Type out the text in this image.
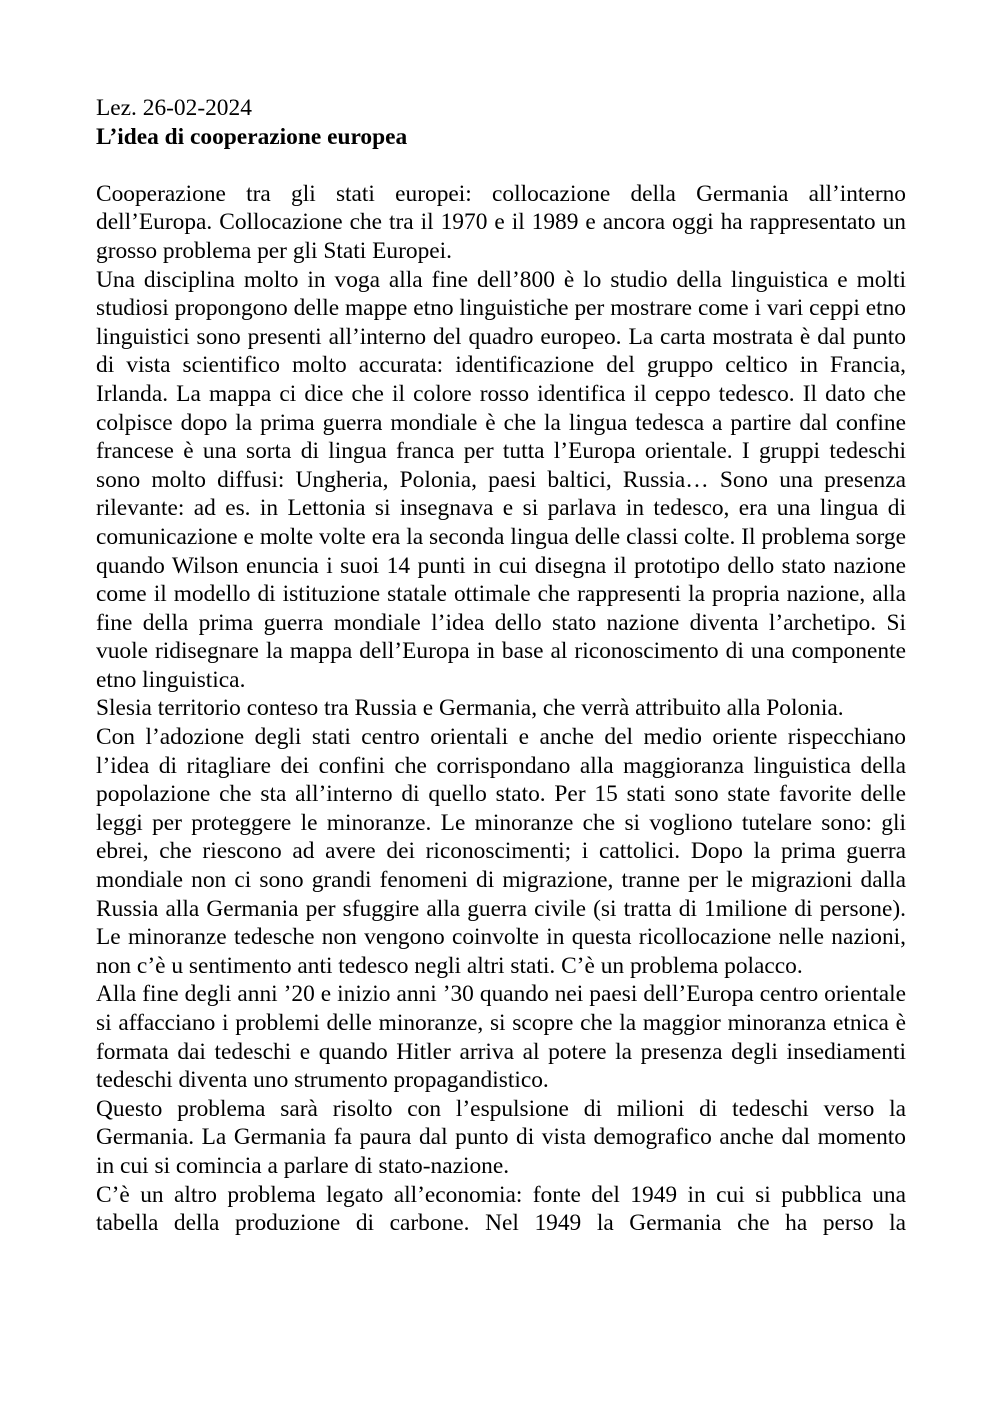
Lez. 26-02-2024

L’idea di cooperazione europea

Cooperazione tra gli stati europei: collocazione della Germania all’interno dell’Europa. Collocazione che tra il 1970 e il 1989 e ancora oggi ha rappresentato un grosso problema per gli Stati Europei.

Una disciplina molto in voga alla fine dell’800 è lo studio della linguistica e molti studiosi propongono delle mappe etno linguistiche per mostrare come i vari ceppi etno linguistici sono presenti all’interno del quadro europeo. La carta mostrata è dal punto di vista scientifico molto accurata: identificazione del gruppo celtico in Francia, Irlanda. La mappa ci dice che il colore rosso identifica il ceppo tedesco. Il dato che colpisce dopo la prima guerra mondiale è che la lingua tedesca a partire dal confine francese è una sorta di lingua franca per tutta l’Europa orientale. I gruppi tedeschi sono molto diffusi: Ungheria, Polonia, paesi baltici, Russia… Sono una presenza rilevante: ad es. in Lettonia si insegnava e si parlava in tedesco, era una lingua di comunicazione e molte volte era la seconda lingua delle classi colte. Il problema sorge quando Wilson enuncia i suoi 14 punti in cui disegna il prototipo dello stato nazione come il modello di istituzione statale ottimale che rappresenti la propria nazione, alla fine della prima guerra mondiale l’idea dello stato nazione diventa l’archetipo. Si vuole ridisegnare la mappa dell’Europa in base al riconoscimento di una componente etno linguistica.

Slesia territorio conteso tra Russia e Germania, che verrà attribuito alla Polonia.

Con l’adozione degli stati centro orientali e anche del medio oriente rispecchiano l’idea di ritagliare dei confini che corrispondano alla maggioranza linguistica della popolazione che sta all’interno di quello stato. Per 15 stati sono state favorite delle leggi per proteggere le minoranze. Le minoranze che si vogliono tutelare sono: gli ebrei, che riescono ad avere dei riconoscimenti; i cattolici. Dopo la prima guerra mondiale non ci sono grandi fenomeni di migrazione, tranne per le migrazioni dalla Russia alla Germania per sfuggire alla guerra civile (si tratta di 1milione di persone). Le minoranze tedesche non vengono coinvolte in questa ricollocazione nelle nazioni, non c’è u sentimento anti tedesco negli altri stati. C’è un problema polacco.

Alla fine degli anni ’20 e inizio anni ’30 quando nei paesi dell’Europa centro orientale si affacciano i problemi delle minoranze, si scopre che la maggior minoranza etnica è formata dai tedeschi e quando Hitler arriva al potere la presenza degli insediamenti tedeschi diventa uno strumento propagandistico.

Questo problema sarà risolto con l’espulsione di milioni di tedeschi verso la Germania. La Germania fa paura dal punto di vista demografico anche dal momento in cui si comincia a parlare di stato-nazione.

C’è un altro problema legato all’economia: fonte del 1949 in cui si pubblica una tabella della produzione di carbone. Nel 1949 la Germania che ha perso la
